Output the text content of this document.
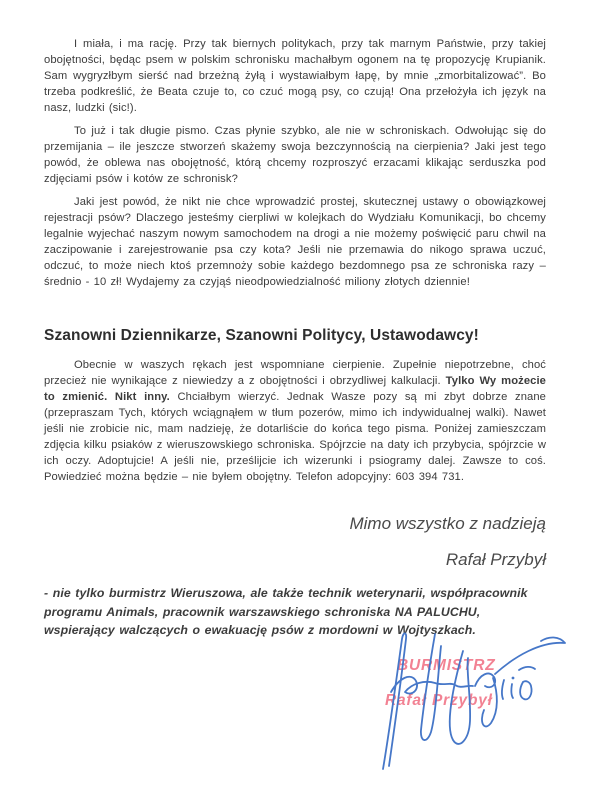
I miała, i ma rację. Przy tak biernych politykach, przy tak marnym Państwie, przy takiej obojętności, będąc psem w polskim schronisku machałbym ogonem na tę propozycję Krupianik. Sam wygryzłbym sierść nad brzeżną żyłą i wystawiałbym łapę, by mnie „zmorbitalizować”. Bo trzeba podkreślić, że Beata czuje to, co czuć mogą psy, co czują! Ona przełożyła ich język na nasz, ludzki (sic!).

To już i tak długie pismo. Czas płynie szybko, ale nie w schroniskach. Odwołując się do przemijania – ile jeszcze stworzeń skażemy swoja bezczynnością na cierpienia? Jaki jest tego powód, że oblewa nas obojętność, którą chcemy rozproszyć erzacami klikając serduszka pod zdjęciami psów i kotów ze schronisk?

Jaki jest powód, że nikt nie chce wprowadzić prostej, skutecznej ustawy o obowiązkowej rejestracji psów? Dlaczego jesteśmy cierpliwi w kolejkach do Wydziału Komunikacji, bo chcemy legalnie wyjechać naszym nowym samochodem na drogi a nie możemy poświęcić paru chwil na zaczipowanie i zarejestrowanie psa czy kota? Jeśli nie przemawia do nikogo sprawa uczuć, odczuć, to może niech ktoś przemnoży sobie każdego bezdomnego psa ze schroniska razy – średnio - 10 zł! Wydajemy za czyjąś nieodpowiedzialność miliony złotych dziennie!

Szanowni Dziennikarze, Szanowni Politycy, Ustawodawcy!

Obecnie w waszych rękach jest wspomniane cierpienie. Zupełnie niepotrzebne, choć przecież nie wynikające z niewiedzy a z obojętności i obrzydliwej kalkulacji. Tylko Wy możecie to zmienić. Nikt inny. Chciałbym wierzyć. Jednak Wasze pozy są mi zbyt dobrze znane (przepraszam Tych, których wciągnąłem w tłum pozerów, mimo ich indywidualnej walki). Nawet jeśli nie zrobicie nic, mam nadzieję, że dotarliście do końca tego pisma. Poniżej zamieszczam zdjęcia kilku psiaków z wieruszowskiego schroniska. Spójrzcie na daty ich przybycia, spójrzcie w ich oczy. Adoptujcie! A jeśli nie, prześlijcie ich wizerunki i psiogramy dalej. Zawsze to coś. Powiedzieć można będzie – nie byłem obojętny. Telefon adopcyjny: 603 394 731.

Mimo wszystko z nadzieją
Rafał Przybył

- nie tylko burmistrz Wieruszowa, ale także technik weterynarii, współpracownik programu Animals, pracownik warszawskiego schroniska NA PALUCHU, wspierający walczących o ewakuację psów z mordowni w Wojtyszkach.

BURMISTRZ
Rafał Przybył
